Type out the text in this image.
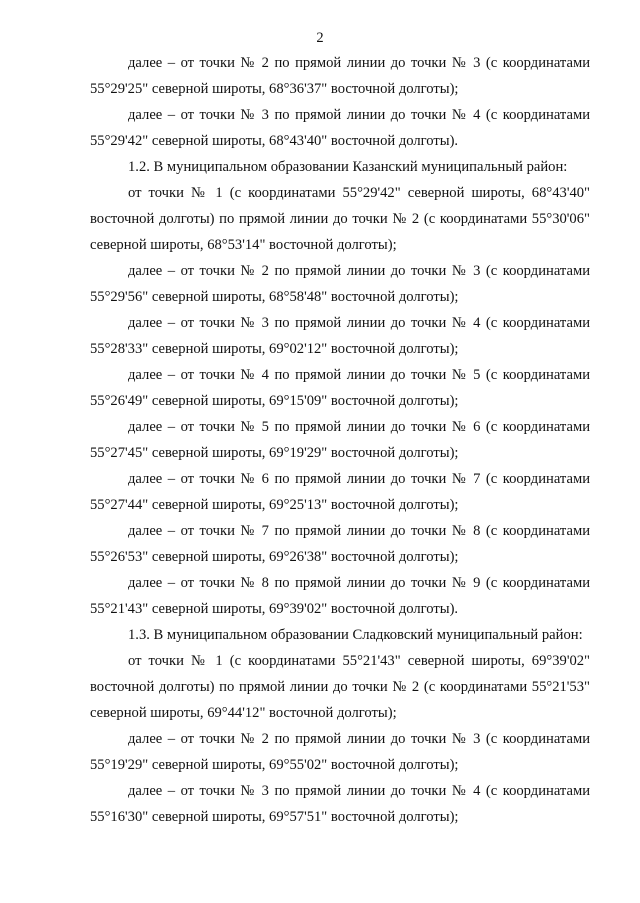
2

далее – от точки № 2 по прямой линии до точки № 3 (с координатами 55°29'25" северной широты, 68°36'37" восточной долготы);

далее – от точки № 3 по прямой линии до точки № 4 (с координатами 55°29'42" северной широты, 68°43'40" восточной долготы).

1.2. В муниципальном образовании Казанский муниципальный район:

от точки № 1 (с координатами 55°29'42" северной широты, 68°43'40" восточной долготы) по прямой линии до точки № 2 (с координатами 55°30'06" северной широты, 68°53'14" восточной долготы);

далее – от точки № 2 по прямой линии до точки № 3 (с координатами 55°29'56" северной широты, 68°58'48" восточной долготы);

далее – от точки № 3 по прямой линии до точки № 4 (с координатами 55°28'33" северной широты, 69°02'12" восточной долготы);

далее – от точки № 4 по прямой линии до точки № 5 (с координатами 55°26'49" северной широты, 69°15'09" восточной долготы);

далее – от точки № 5 по прямой линии до точки № 6 (с координатами 55°27'45" северной широты, 69°19'29" восточной долготы);

далее – от точки № 6 по прямой линии до точки № 7 (с координатами 55°27'44" северной широты, 69°25'13" восточной долготы);

далее – от точки № 7 по прямой линии до точки № 8 (с координатами 55°26'53" северной широты, 69°26'38" восточной долготы);

далее – от точки № 8 по прямой линии до точки № 9 (с координатами 55°21'43" северной широты, 69°39'02" восточной долготы).

1.3. В муниципальном образовании Сладковский муниципальный район:

от точки № 1 (с координатами 55°21'43" северной широты, 69°39'02" восточной долготы) по прямой линии до точки № 2 (с координатами 55°21'53" северной широты, 69°44'12" восточной долготы);

далее – от точки № 2 по прямой линии до точки № 3 (с координатами 55°19'29" северной широты, 69°55'02" восточной долготы);

далее – от точки № 3 по прямой линии до точки № 4 (с координатами 55°16'30" северной широты, 69°57'51" восточной долготы);
